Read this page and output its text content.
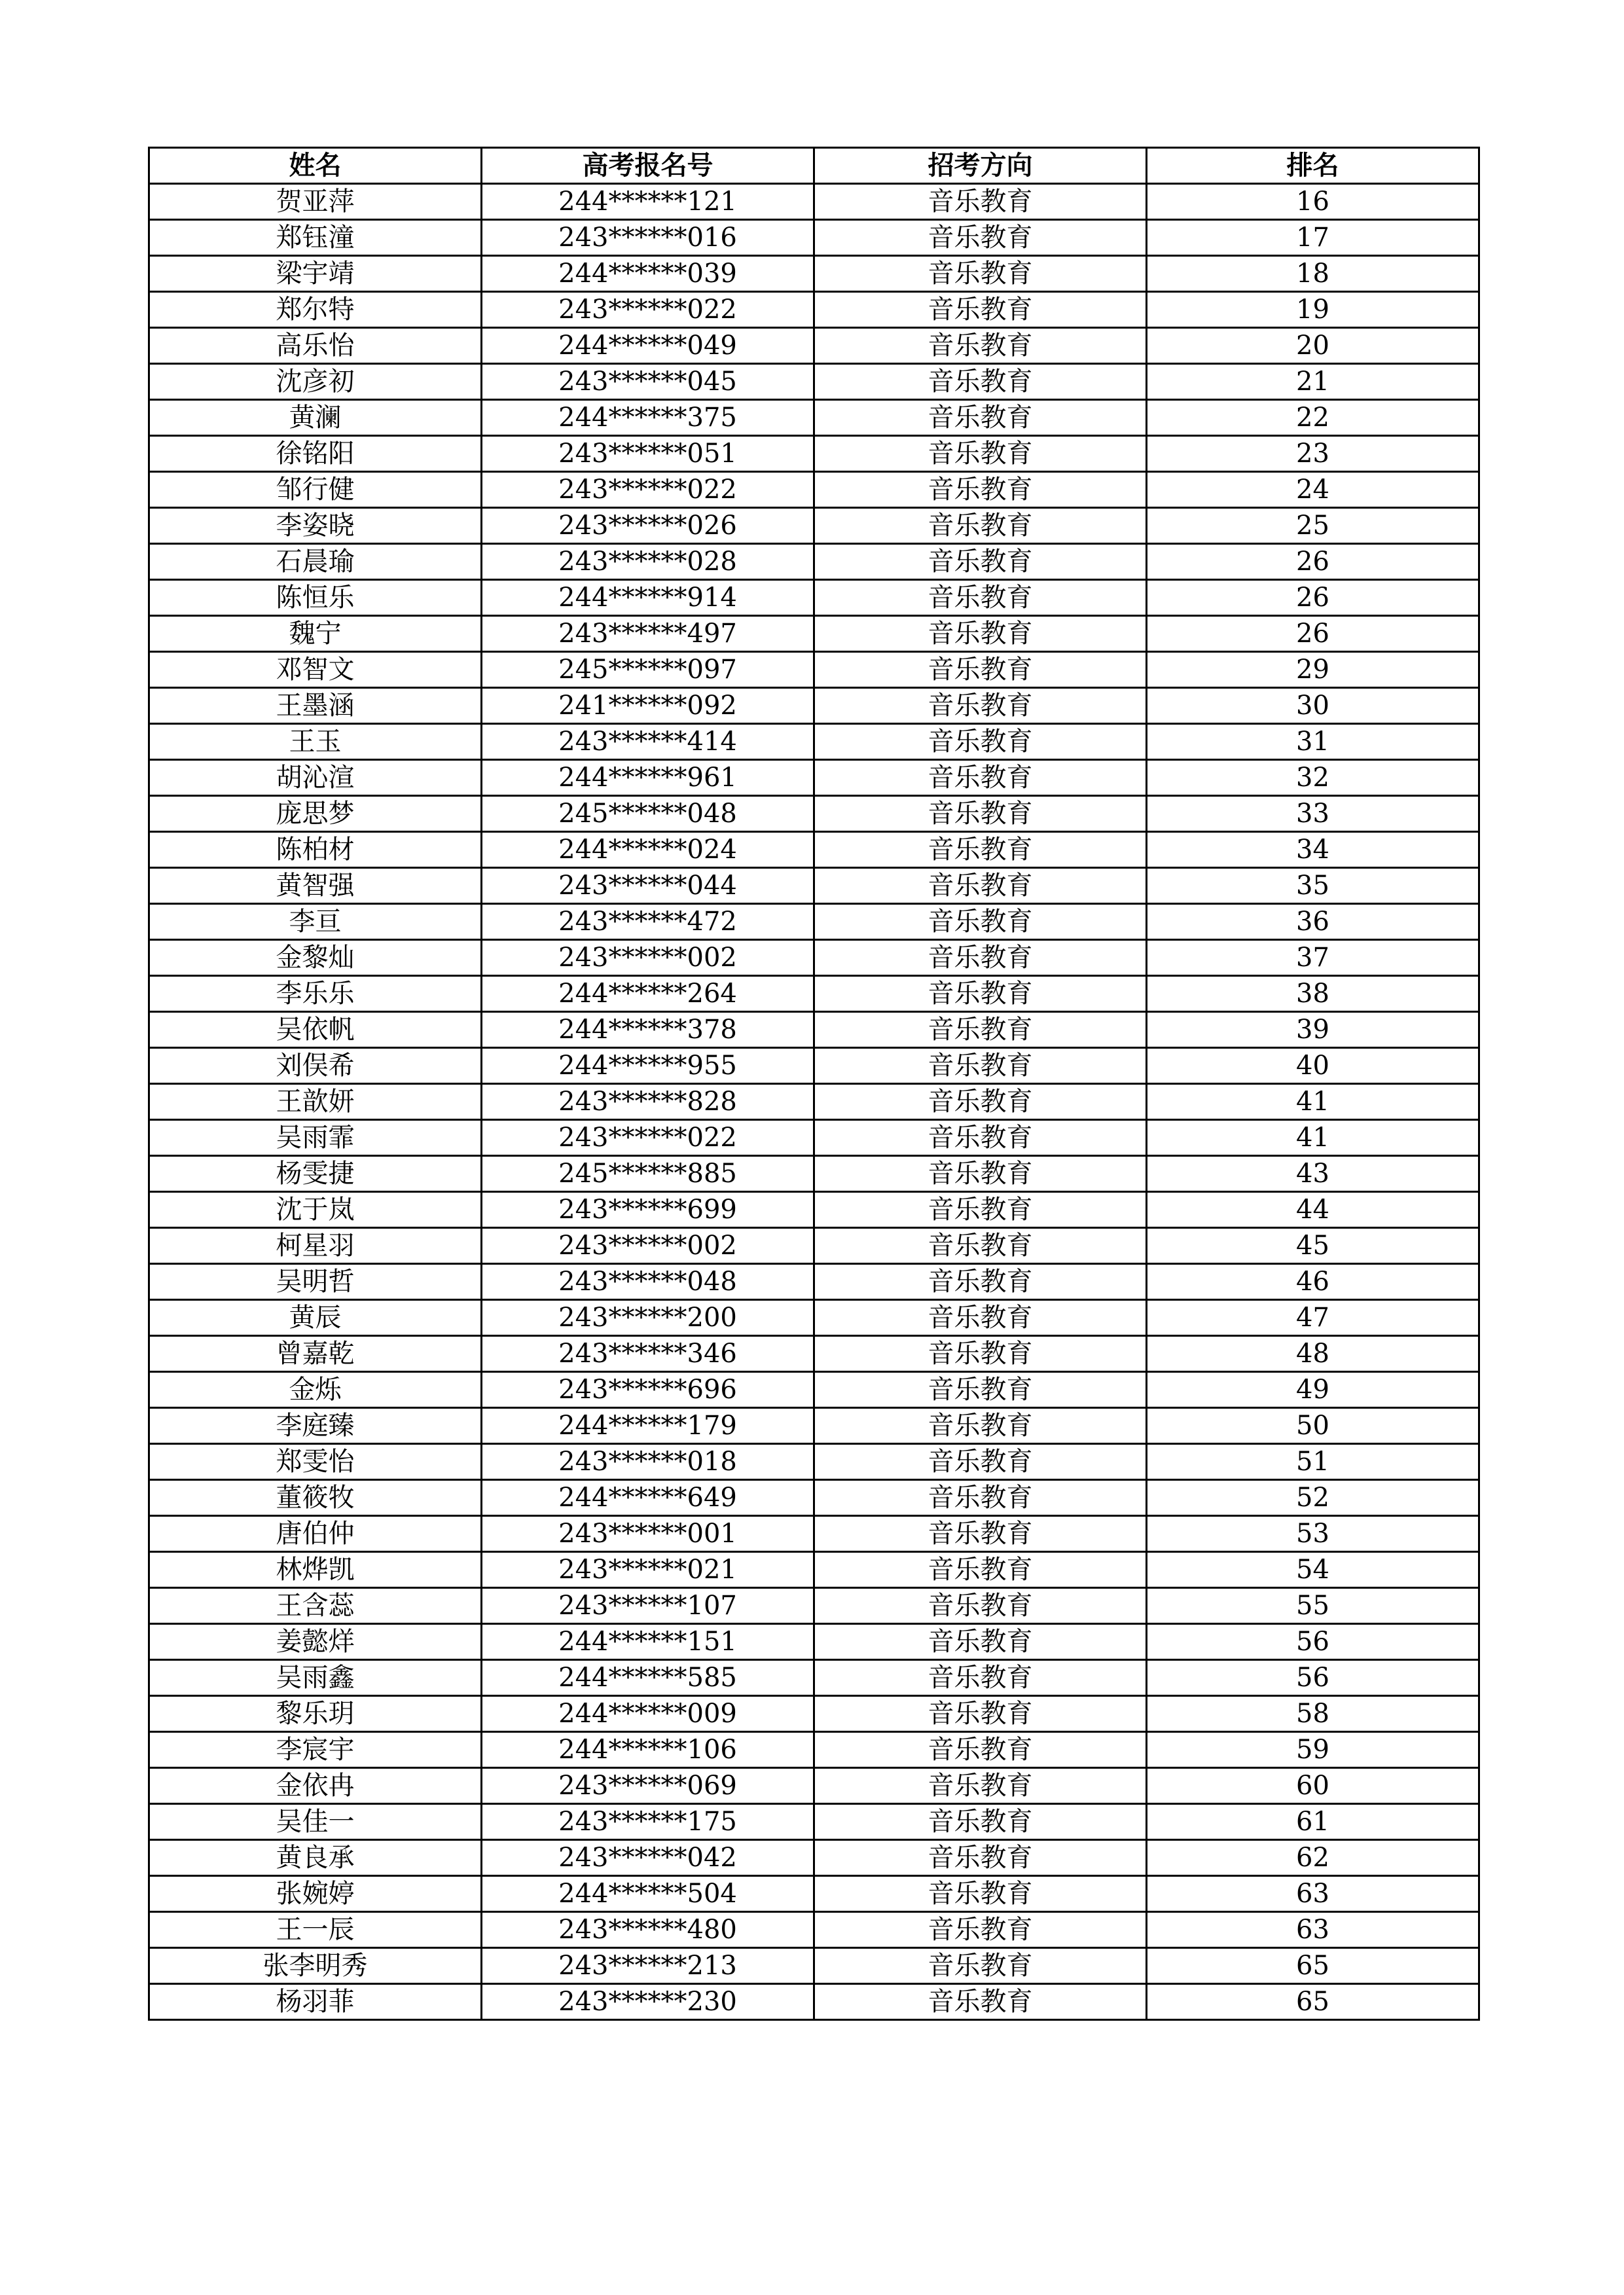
姓名	高考报名号	招考方向	排名
贺亚萍	244******121	音乐教育	16
郑钰潼	243******016	音乐教育	17
梁宇靖	244******039	音乐教育	18
郑尔特	243******022	音乐教育	19
高乐怡	244******049	音乐教育	20
沈彦初	243******045	音乐教育	21
黄澜	244******375	音乐教育	22
徐铭阳	243******051	音乐教育	23
邹行健	243******022	音乐教育	24
李姿晓	243******026	音乐教育	25
石晨瑜	243******028	音乐教育	26
陈恒乐	244******914	音乐教育	26
魏宁	243******497	音乐教育	26
邓智文	245******097	音乐教育	29
王墨涵	241******092	音乐教育	30
王玉	243******414	音乐教育	31
胡沁渲	244******961	音乐教育	32
庞思梦	245******048	音乐教育	33
陈柏材	244******024	音乐教育	34
黄智强	243******044	音乐教育	35
李亘	243******472	音乐教育	36
金黎灿	243******002	音乐教育	37
李乐乐	244******264	音乐教育	38
吴依帆	244******378	音乐教育	39
刘俣希	244******955	音乐教育	40
王歆妍	243******828	音乐教育	41
吴雨霏	243******022	音乐教育	41
杨雯捷	245******885	音乐教育	43
沈于岚	243******699	音乐教育	44
柯星羽	243******002	音乐教育	45
吴明哲	243******048	音乐教育	46
黄辰	243******200	音乐教育	47
曾嘉乾	243******346	音乐教育	48
金烁	243******696	音乐教育	49
李庭臻	244******179	音乐教育	50
郑雯怡	243******018	音乐教育	51
董筱牧	244******649	音乐教育	52
唐伯仲	243******001	音乐教育	53
林烨凯	243******021	音乐教育	54
王含蕊	243******107	音乐教育	55
姜懿烊	244******151	音乐教育	56
吴雨鑫	244******585	音乐教育	56
黎乐玥	244******009	音乐教育	58
李宸宇	244******106	音乐教育	59
金依冉	243******069	音乐教育	60
吴佳一	243******175	音乐教育	61
黄良承	243******042	音乐教育	62
张婉婷	244******504	音乐教育	63
王一辰	243******480	音乐教育	63
张李明秀	243******213	音乐教育	65
杨羽菲	243******230	音乐教育	65
